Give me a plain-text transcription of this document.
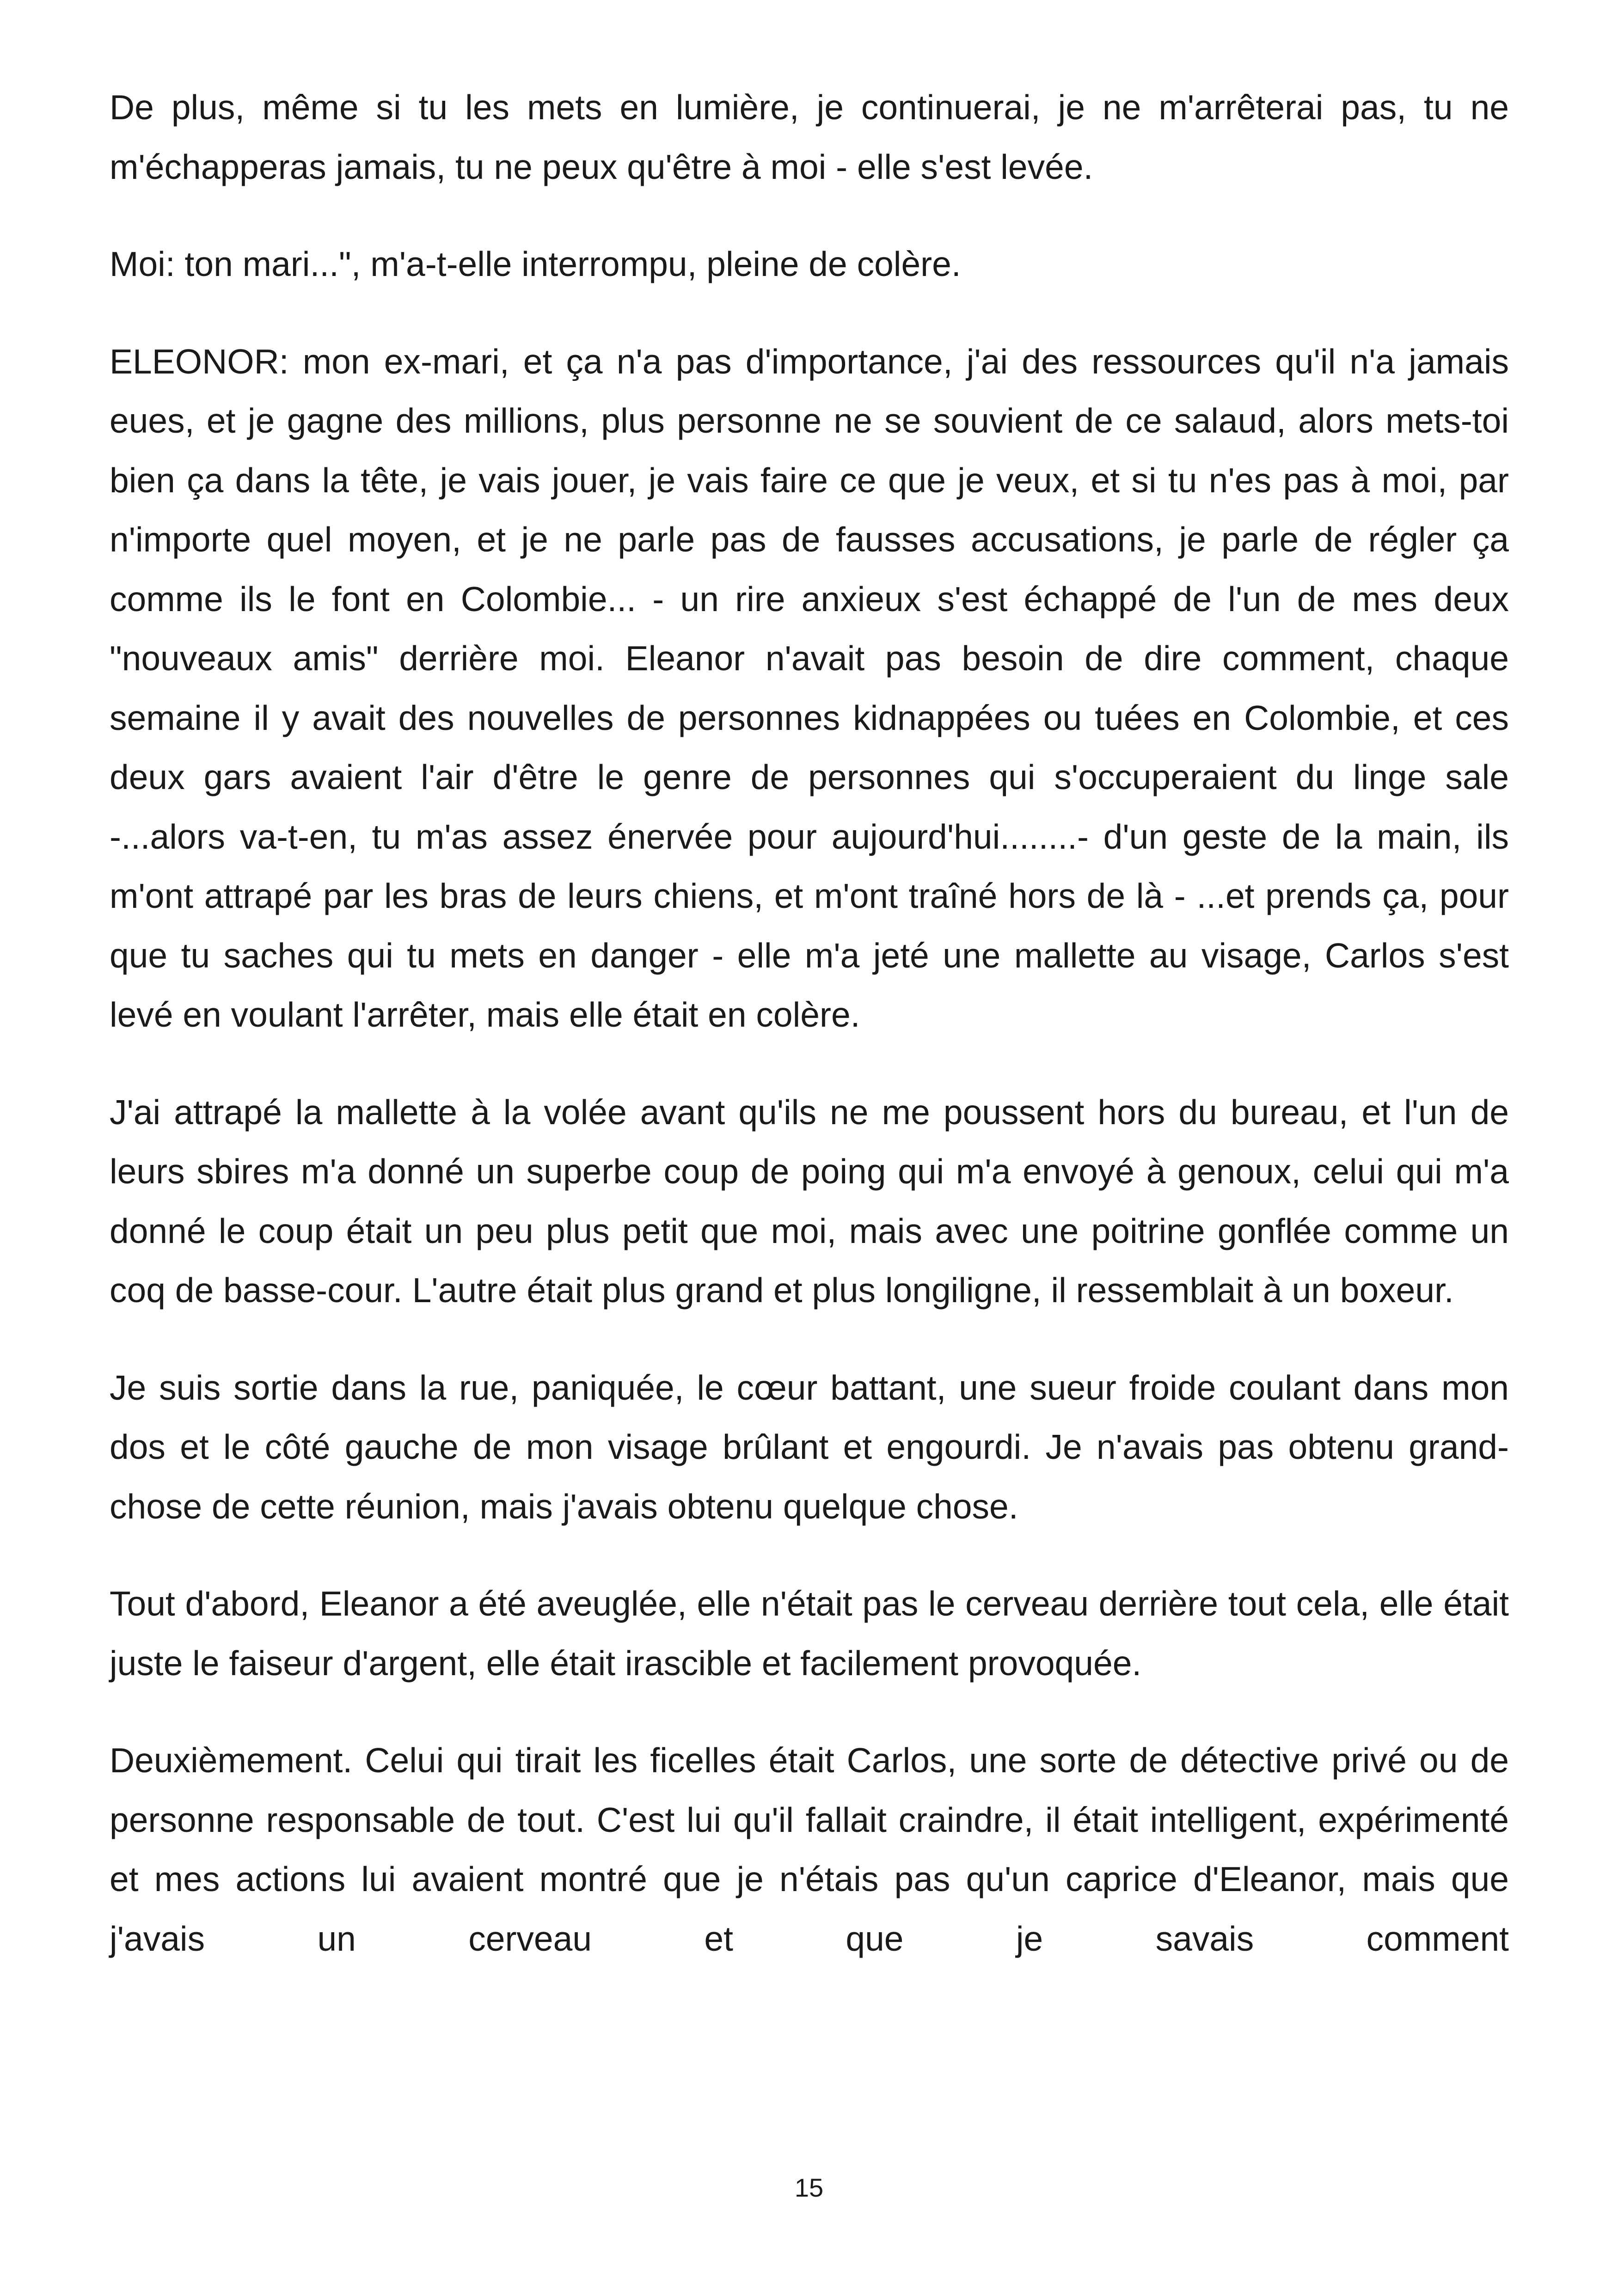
De plus, même si tu les mets en lumière, je continuerai, je ne m'arrêterai pas, tu ne m'échapperas jamais, tu ne peux qu'être à moi - elle s'est levée.

Moi: ton mari...", m'a-t-elle interrompu, pleine de colère.

ELEONOR: mon ex-mari, et ça n'a pas d'importance, j'ai des ressources qu'il n'a jamais eues, et je gagne des millions, plus personne ne se souvient de ce salaud, alors mets-toi bien ça dans la tête, je vais jouer, je vais faire ce que je veux, et si tu n'es pas à moi, par n'importe quel moyen, et je ne parle pas de fausses accusations, je parle de régler ça comme ils le font en Colombie... - un rire anxieux s'est échappé de l'un de mes deux "nouveaux amis" derrière moi. Eleanor n'avait pas besoin de dire comment, chaque semaine il y avait des nouvelles de personnes kidnappées ou tuées en Colombie, et ces deux gars avaient l'air d'être le genre de personnes qui s'occuperaient du linge sale -...alors va-t-en, tu m'as assez énervée pour aujourd'hui........- d'un geste de la main, ils m'ont attrapé par les bras de leurs chiens, et m'ont traîné hors de là - ...et prends ça, pour que tu saches qui tu mets en danger - elle m'a jeté une mallette au visage, Carlos s'est levé en voulant l'arrêter, mais elle était en colère.

J'ai attrapé la mallette à la volée avant qu'ils ne me poussent hors du bureau, et l'un de leurs sbires m'a donné un superbe coup de poing qui m'a envoyé à genoux, celui qui m'a donné le coup était un peu plus petit que moi, mais avec une poitrine gonflée comme un coq de basse-cour. L'autre était plus grand et plus longiligne, il ressemblait à un boxeur.

Je suis sortie dans la rue, paniquée, le cœur battant, une sueur froide coulant dans mon dos et le côté gauche de mon visage brûlant et engourdi. Je n'avais pas obtenu grand-chose de cette réunion, mais j'avais obtenu quelque chose.

Tout d'abord, Eleanor a été aveuglée, elle n'était pas le cerveau derrière tout cela, elle était juste le faiseur d'argent, elle était irascible et facilement provoquée.

Deuxièmement. Celui qui tirait les ficelles était Carlos, une sorte de détective privé ou de personne responsable de tout. C'est lui qu'il fallait craindre, il était intelligent, expérimenté et mes actions lui avaient montré que je n'étais pas qu'un caprice d'Eleanor, mais que j'avais un cerveau et que je savais comment

15
